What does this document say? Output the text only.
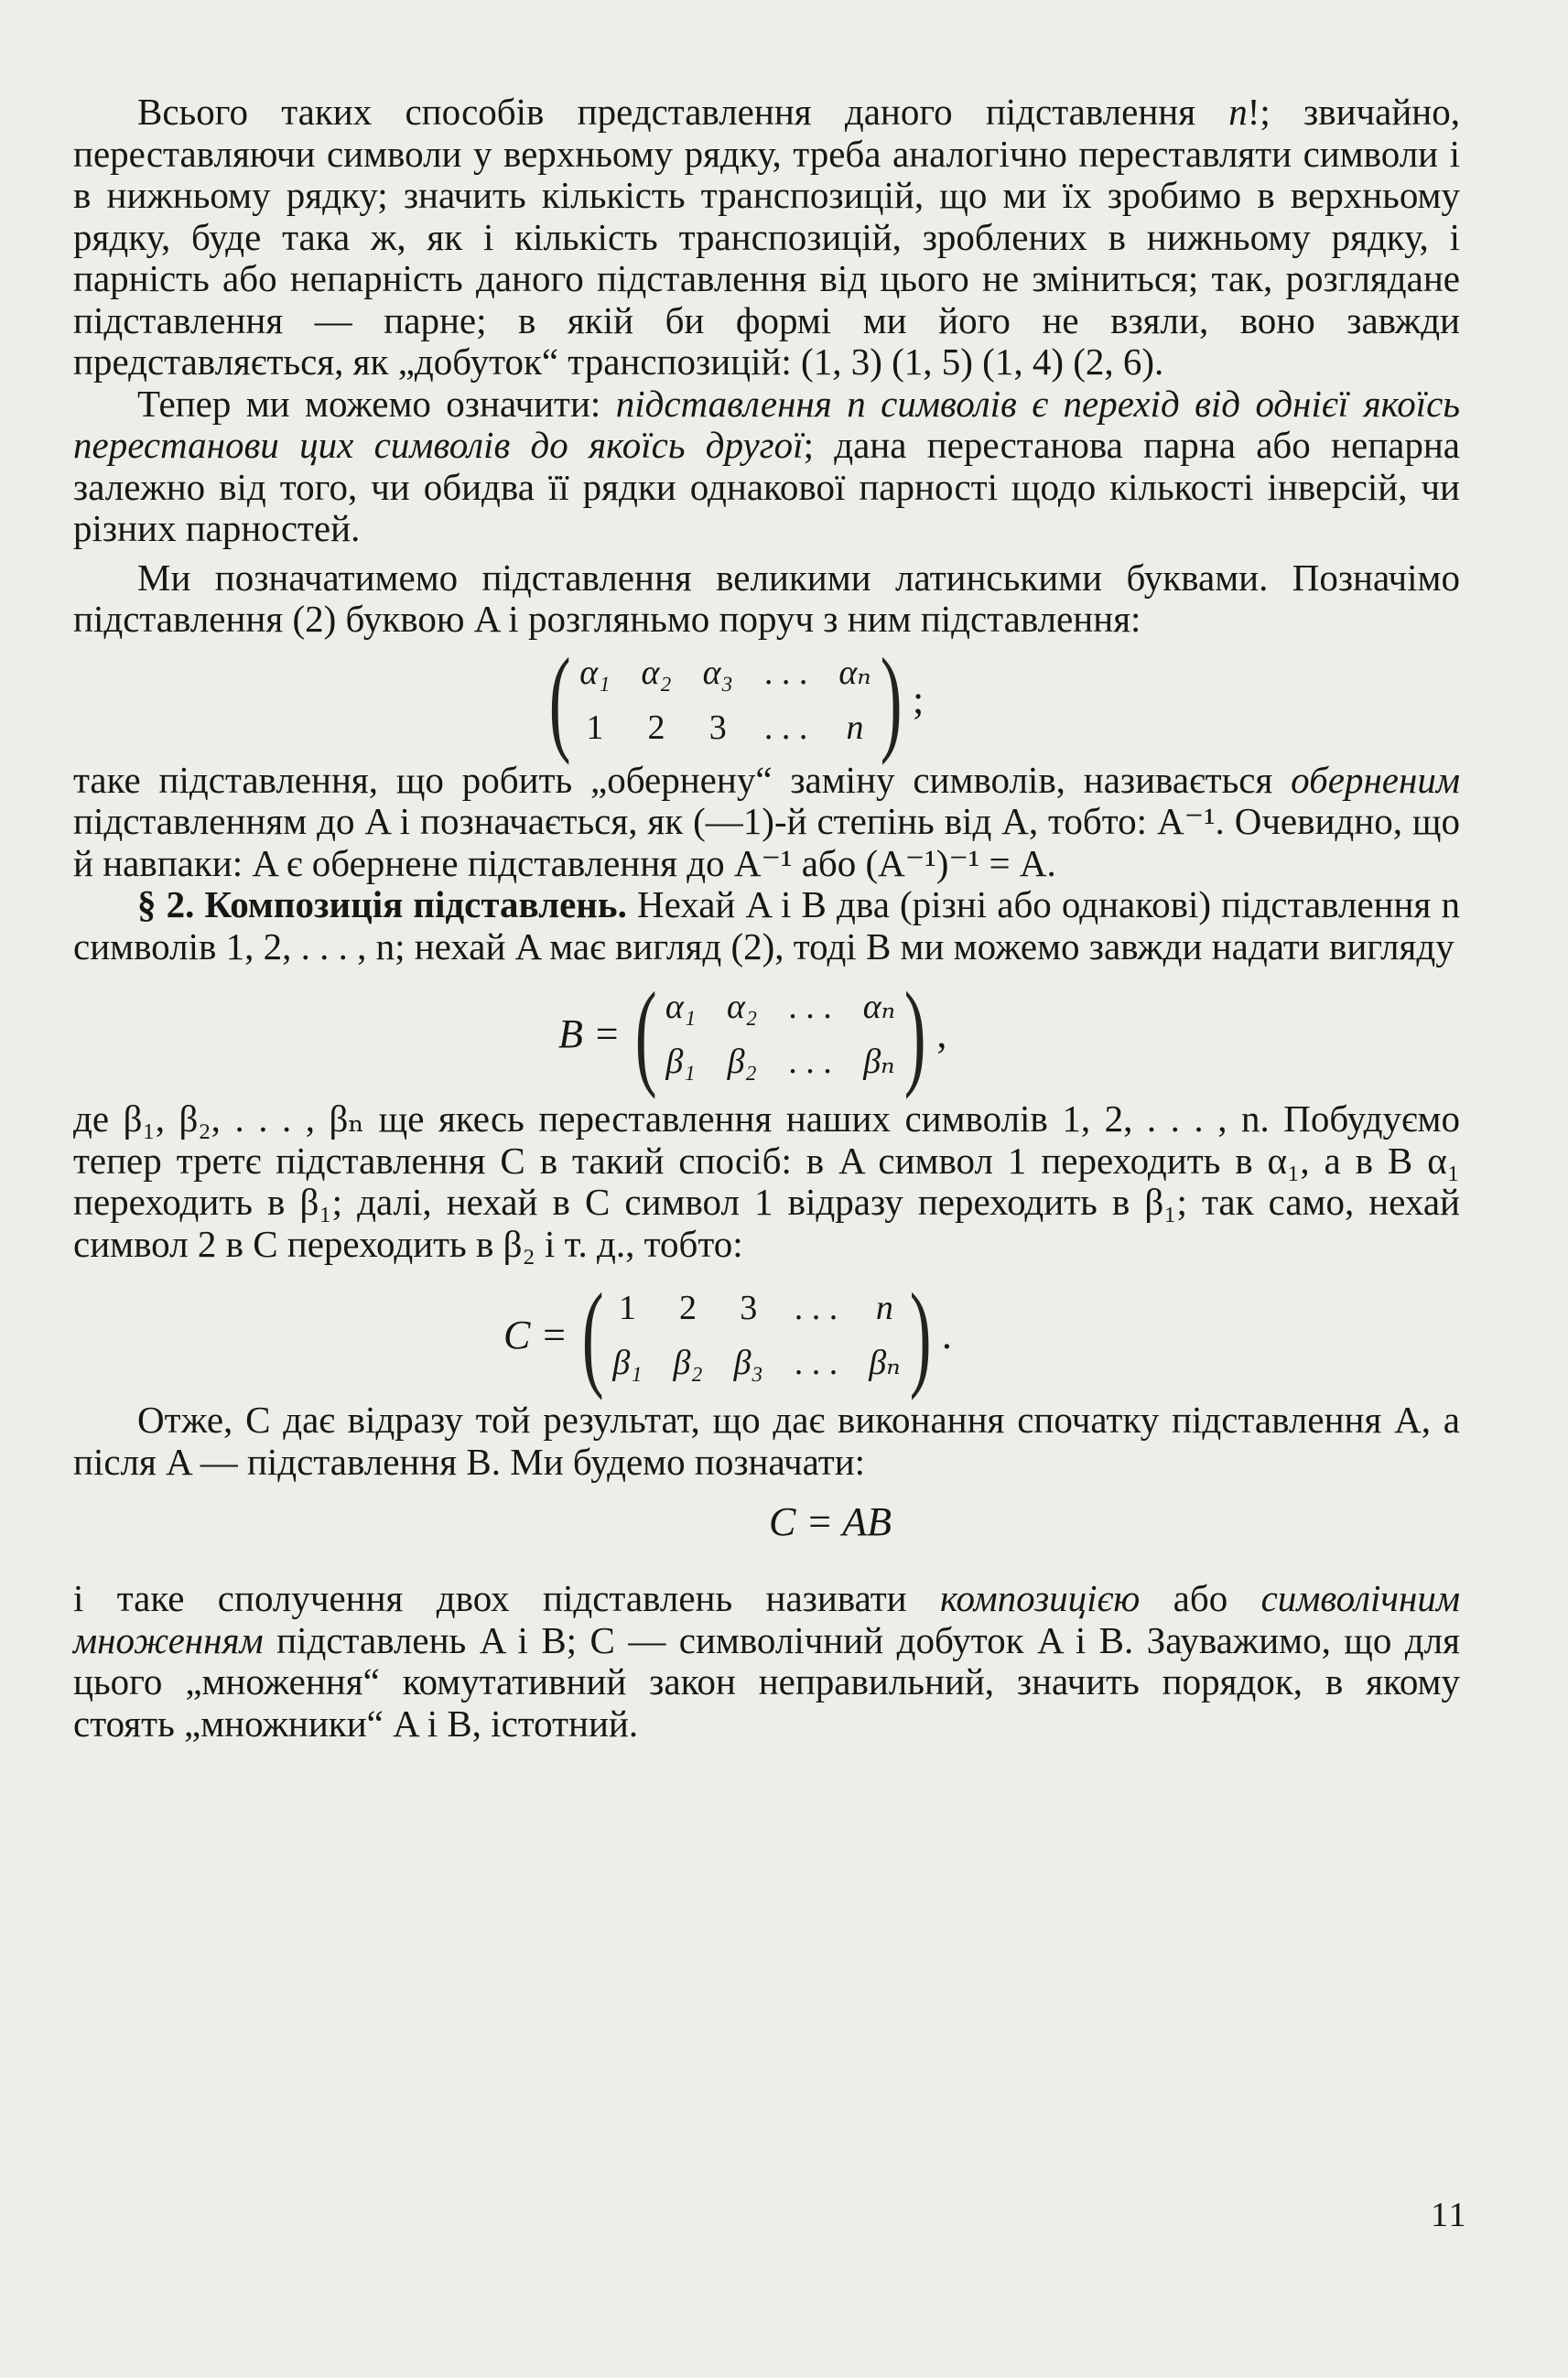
Всього таких способів представлення даного підставлення n!; звичайно, переставляючи символи у верхньому рядку, треба аналогічно переставляти символи і в нижньому рядку; значить кількість транспозицій, що ми їх зробимо в верхньому рядку, буде така ж, як і кількість транспозицій, зроблених в нижньому рядку, і парність або непарність даного підставлення від цього не зміниться; так, розглядане підставлення — парне; в якій би формі ми його не взяли, воно завжди представляється, як „добуток“ транспозицій: (1, 3) (1, 5) (1, 4) (2, 6).

Тепер ми можемо означити: підставлення n символів є перехід від однієї якоїсь перестанови цих символів до якоїсь другої; дана перестанова парна або непарна залежно від того, чи обидва її рядки однакової парності щодо кількості інверсій, чи різних парностей.

Ми позначатимемо підставлення великими латинськими буквами. Позначімо підставлення (2) буквою A і розгляньмо поруч з ним підставлення:

( α₁ α₂ α₃ . . . αₙ
1 2 3 . . . n ) ;

таке підставлення, що робить „обернену“ заміну символів, називається оберненим підставленням до A і позначається, як (—1)-й степінь від A, тобто: A⁻¹. Очевидно, що й навпаки: A є обернене підставлення до A⁻¹ або (A⁻¹)⁻¹ = A.

§ 2. Композиція підставлень. Нехай A і B два (різні або однакові) підставлення n символів 1, 2, . . . , n; нехай A має вигляд (2), тоді B ми можемо завжди надати вигляду

B = ( α₁ α₂ . . . αₙ
β₁ β₂ . . . βₙ ) ,

де β₁, β₂, . . . , βₙ ще якесь переставлення наших символів 1, 2, . . . , n. Побудуємо тепер третє підставлення C в такий спосіб: в A символ 1 переходить в α₁, а в B α₁ переходить в β₁; далі, нехай в C символ 1 відразу переходить в β₁; так само, нехай символ 2 в C переходить в β₂ і т. д., тобто:

C = ( 1 2 3 . . . n
β₁ β₂ β₃ . . . βₙ ) .

Отже, C дає відразу той результат, що дає виконання спочатку підставлення A, а після A — підставлення B. Ми будемо позначати:

C = AB

і таке сполучення двох підставлень називати композицією або символічним множенням підставлень A і B; C — символічний добуток A і B. Зауважимо, що для цього „множення“ комутативний закон неправильний, значить порядок, в якому стоять „множники“ A і B, істотний.

11
